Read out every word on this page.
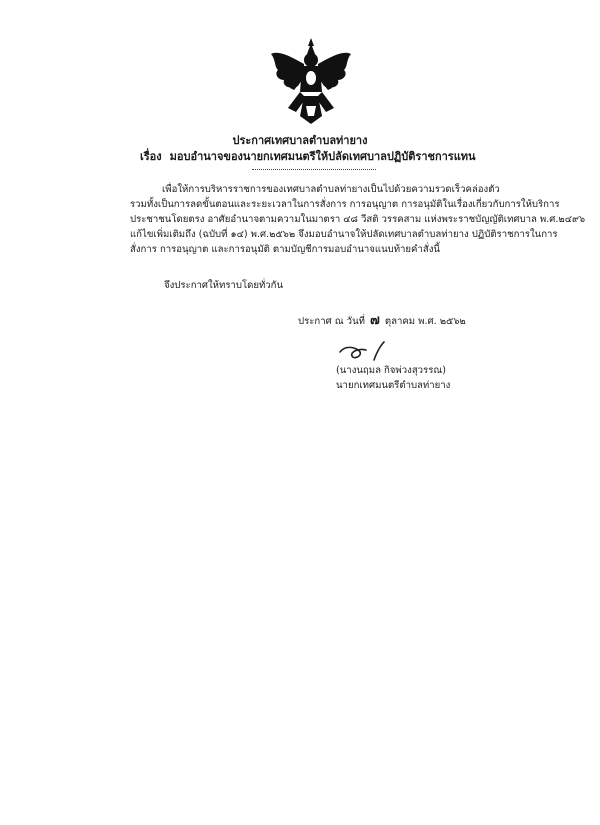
ประกาศเทศบาลตำบลท่ายาง
เรื่อง มอบอำนาจของนายกเทศมนตรีให้ปลัดเทศบาลปฏิบัติราชการแทน
เพื่อให้การบริหารราชการของเทศบาลตำบลท่ายางเป็นไปด้วยความรวดเร็วคล่องตัว
รวมทั้งเป็นการลดขั้นตอนและระยะเวลาในการสั่งการ การอนุญาต การอนุมัติในเรื่องเกี่ยวกับการให้บริการ
ประชาชนโดยตรง อาศัยอำนาจตามความในมาตรา ๔๘ วีสติ วรรคสาม แห่งพระราชบัญญัติเทศบาล พ.ศ.๒๔๙๖
แก้ไขเพิ่มเติมถึง (ฉบับที่ ๑๔) พ.ศ.๒๕๖๒ จึงมอบอำนาจให้ปลัดเทศบาลตำบลท่ายาง ปฏิบัติราชการในการ
สั่งการ การอนุญาต และการอนุมัติ ตามบัญชีการมอบอำนาจแนบท้ายคำสั่งนี้
จึงประกาศให้ทราบโดยทั่วกัน
ประกาศ ณ วันที่ ๗ ตุลาคม พ.ศ. ๒๕๖๒
(นางนฤมล กิจพ่วงสุวรรณ)
นายกเทศมนตรีตำบลท่ายาง
